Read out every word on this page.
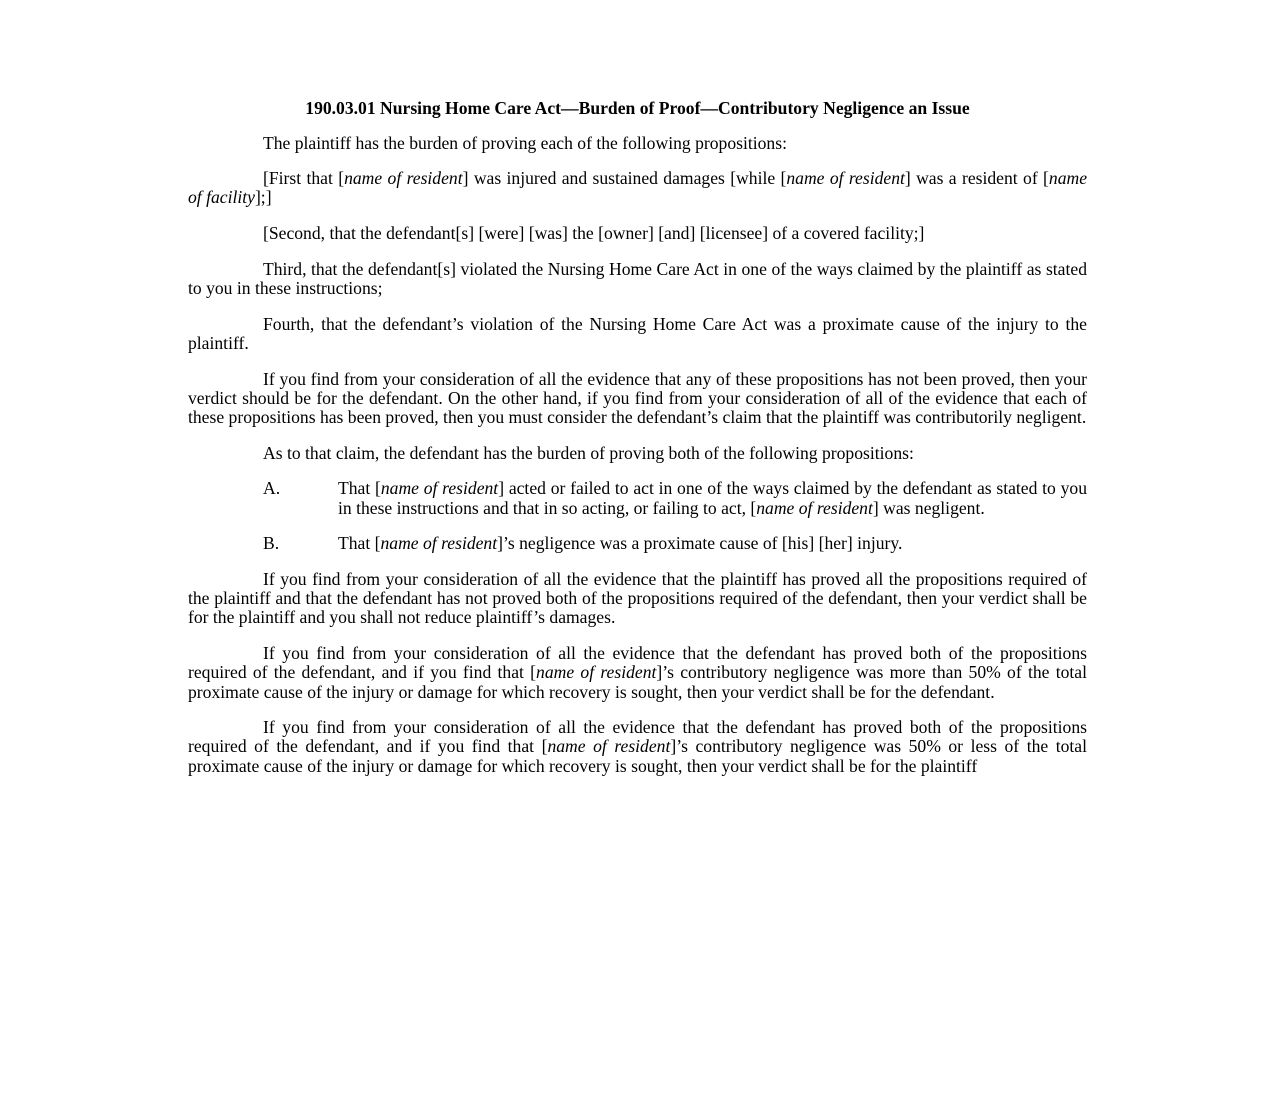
190.03.01 Nursing Home Care Act—Burden of Proof—Contributory Negligence an Issue

The plaintiff has the burden of proving each of the following propositions:

[First that [name of resident] was injured and sustained damages [while [name of resident] was a resident of [name of facility];]

[Second, that the defendant[s] [were] [was] the [owner] [and] [licensee] of a covered facility;]

Third, that the defendant[s] violated the Nursing Home Care Act in one of the ways claimed by the plaintiff as stated to you in these instructions;

Fourth, that the defendant’s violation of the Nursing Home Care Act was a proximate cause of the injury to the plaintiff.

If you find from your consideration of all the evidence that any of these propositions has not been proved, then your verdict should be for the defendant. On the other hand, if you find from your consideration of all of the evidence that each of these propositions has been proved, then you must consider the defendant’s claim that the plaintiff was contributorily negligent.

As to that claim, the defendant has the burden of proving both of the following propositions:

A.	That [name of resident] acted or failed to act in one of the ways claimed by the defendant as stated to you in these instructions and that in so acting, or failing to act, [name of resident] was negligent.
B.	That [name of resident]’s negligence was a proximate cause of [his] [her] injury.

If you find from your consideration of all the evidence that the plaintiff has proved all the propositions required of the plaintiff and that the defendant has not proved both of the propositions required of the defendant, then your verdict shall be for the plaintiff and you shall not reduce plaintiff’s damages.

If you find from your consideration of all the evidence that the defendant has proved both of the propositions required of the defendant, and if you find that [name of resident]’s contributory negligence was more than 50% of the total proximate cause of the injury or damage for which recovery is sought, then your verdict shall be for the defendant.

If you find from your consideration of all the evidence that the defendant has proved both of the propositions required of the defendant, and if you find that [name of resident]’s contributory negligence was 50% or less of the total proximate cause of the injury or damage for which recovery is sought, then your verdict shall be for the plaintiff
